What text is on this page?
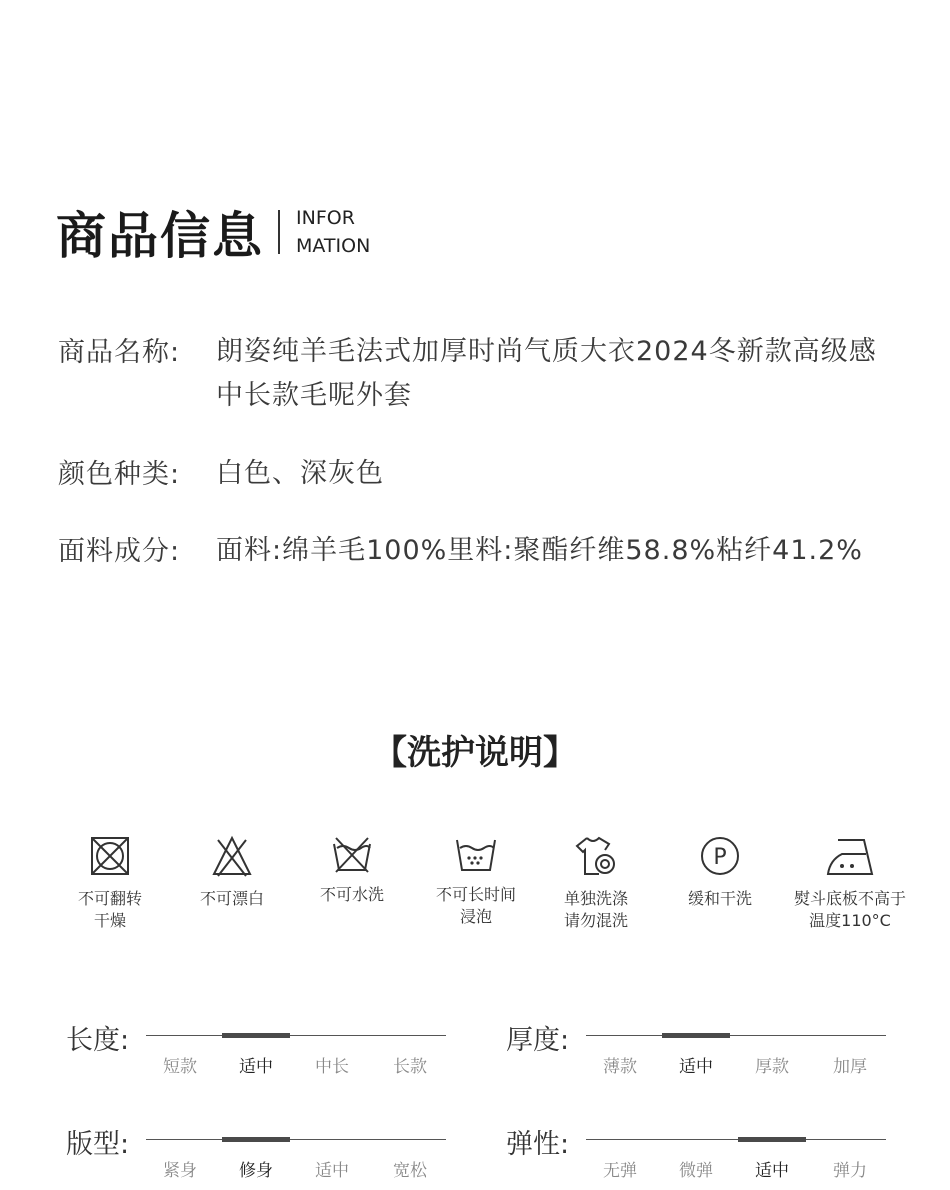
商品信息 INFOR
MATION
商品名称:	朗姿纯羊毛法式加厚时尚气质大衣2024冬新款高级感中长款毛呢外套
颜色种类:	白色、深灰色
面料成分:	面料:绵羊毛100%里料:聚酯纤维58.8%粘纤41.2%
【洗护说明】
不可翻转
干燥
不可漂白	不可水洗	不可长时间
浸泡
单独洗涤
请勿混洗
P
缓和干洗	熨斗底板不高于
温度110°C
长度:
短款	适中	中长	长款
厚度:
薄款	适中	厚款	加厚
版型:
紧身	修身	适中	宽松
弹性:
无弹	微弹	适中	弹力
